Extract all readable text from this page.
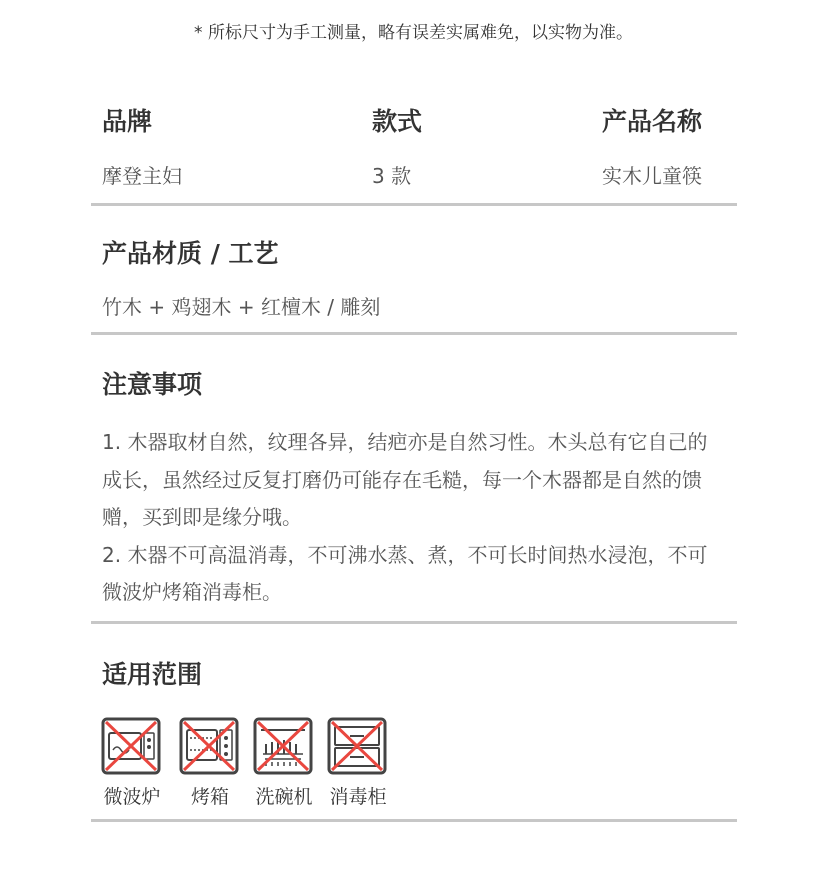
* 所标尺寸为手工测量，略有误差实属难免，以实物为准。
品牌	款式	产品名称
摩登主妇	3 款	实木儿童筷
产品材质 / 工艺
竹木 + 鸡翅木 + 红檀木 / 雕刻
注意事项

1. 木器取材自然，纹理各异，结疤亦是自然习性。木头总有它自己的成长，虽然经过反复打磨仍可能存在毛糙，每一个木器都是自然的馈赠，买到即是缘分哦。

2. 木器不可高温消毒，不可沸水蒸、煮，不可长时间热水浸泡，不可微波炉烤箱消毒柜。

适用范围
微波炉	烤箱	洗碗机 消毒柜
